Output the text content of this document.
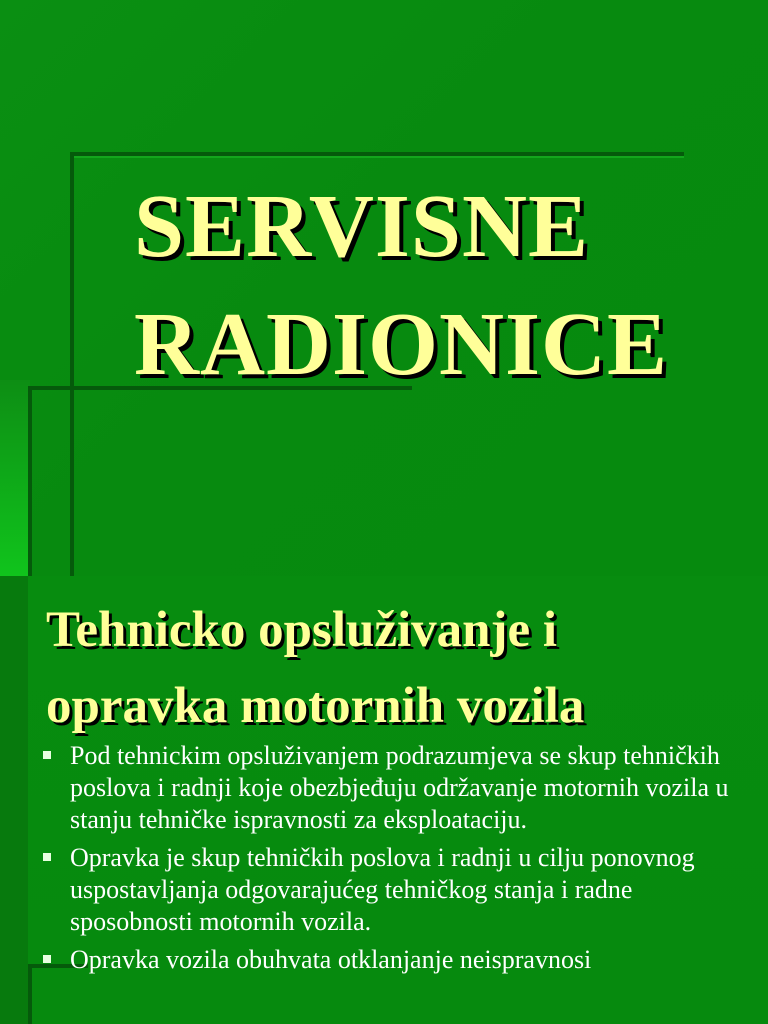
SERVISNE
RADIONICE
Tehnicko opsluživanje i
opravka motornih vozila
Pod tehnickim opsluživanjem podrazumjeva se skup tehničkih poslova i radnji koje obezbjeđuju održavanje motornih vozila u stanju tehničke ispravnosti za eksploataciju.
Opravka je skup tehničkih poslova i radnji u cilju ponovnog uspostavljanja odgovarajućeg tehničkog stanja i radne sposobnosti motornih vozila.
Opravka vozila obuhvata otklanjanje neispravnosi
